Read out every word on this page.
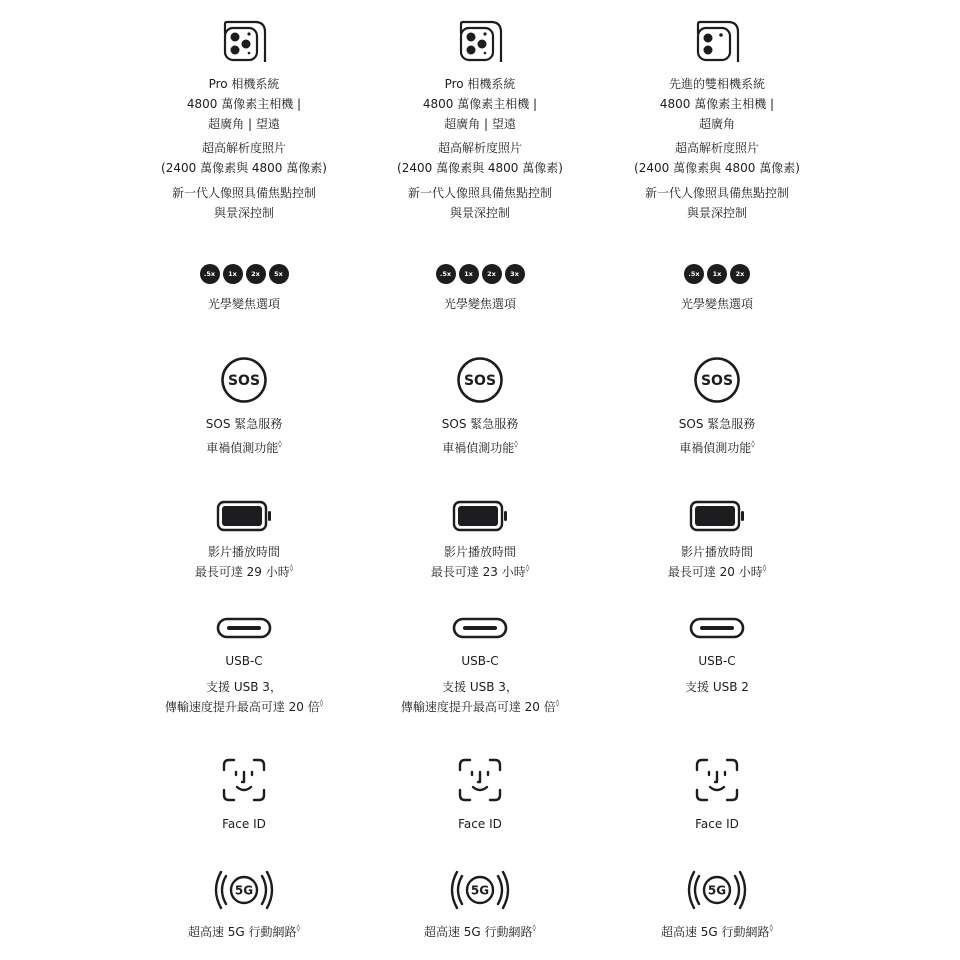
Pro 相機系統

4800 萬像素主相機 |

超廣角 | 望遠

超高解析度照片

(2400 萬像素與 4800 萬像素)

新一代人像照具備焦點控制

與景深控制

.5x	1x	2x	5x

光學變焦選項

SOS

SOS 緊急服務

車禍偵測功能◊

影片播放時間

最長可達 29 小時◊

USB-C

支援 USB 3，

傳輸速度提升最高可達 20 倍◊

Face ID

5G

超高速 5G 行動網路◊

Pro 相機系統

4800 萬像素主相機 |

超廣角 | 望遠

超高解析度照片

(2400 萬像素與 4800 萬像素)

新一代人像照具備焦點控制

與景深控制

.5x	1x	2x	3x

光學變焦選項

SOS

SOS 緊急服務

車禍偵測功能◊

影片播放時間

最長可達 23 小時◊

USB-C

支援 USB 3，

傳輸速度提升最高可達 20 倍◊

Face ID

5G

超高速 5G 行動網路◊

先進的雙相機系統

4800 萬像素主相機 |

超廣角

超高解析度照片

(2400 萬像素與 4800 萬像素)

新一代人像照具備焦點控制

與景深控制

.5x	1x	2x

光學變焦選項

SOS

SOS 緊急服務

車禍偵測功能◊

影片播放時間

最長可達 20 小時◊

USB-C

支援 USB 2

Face ID

5G

超高速 5G 行動網路◊
